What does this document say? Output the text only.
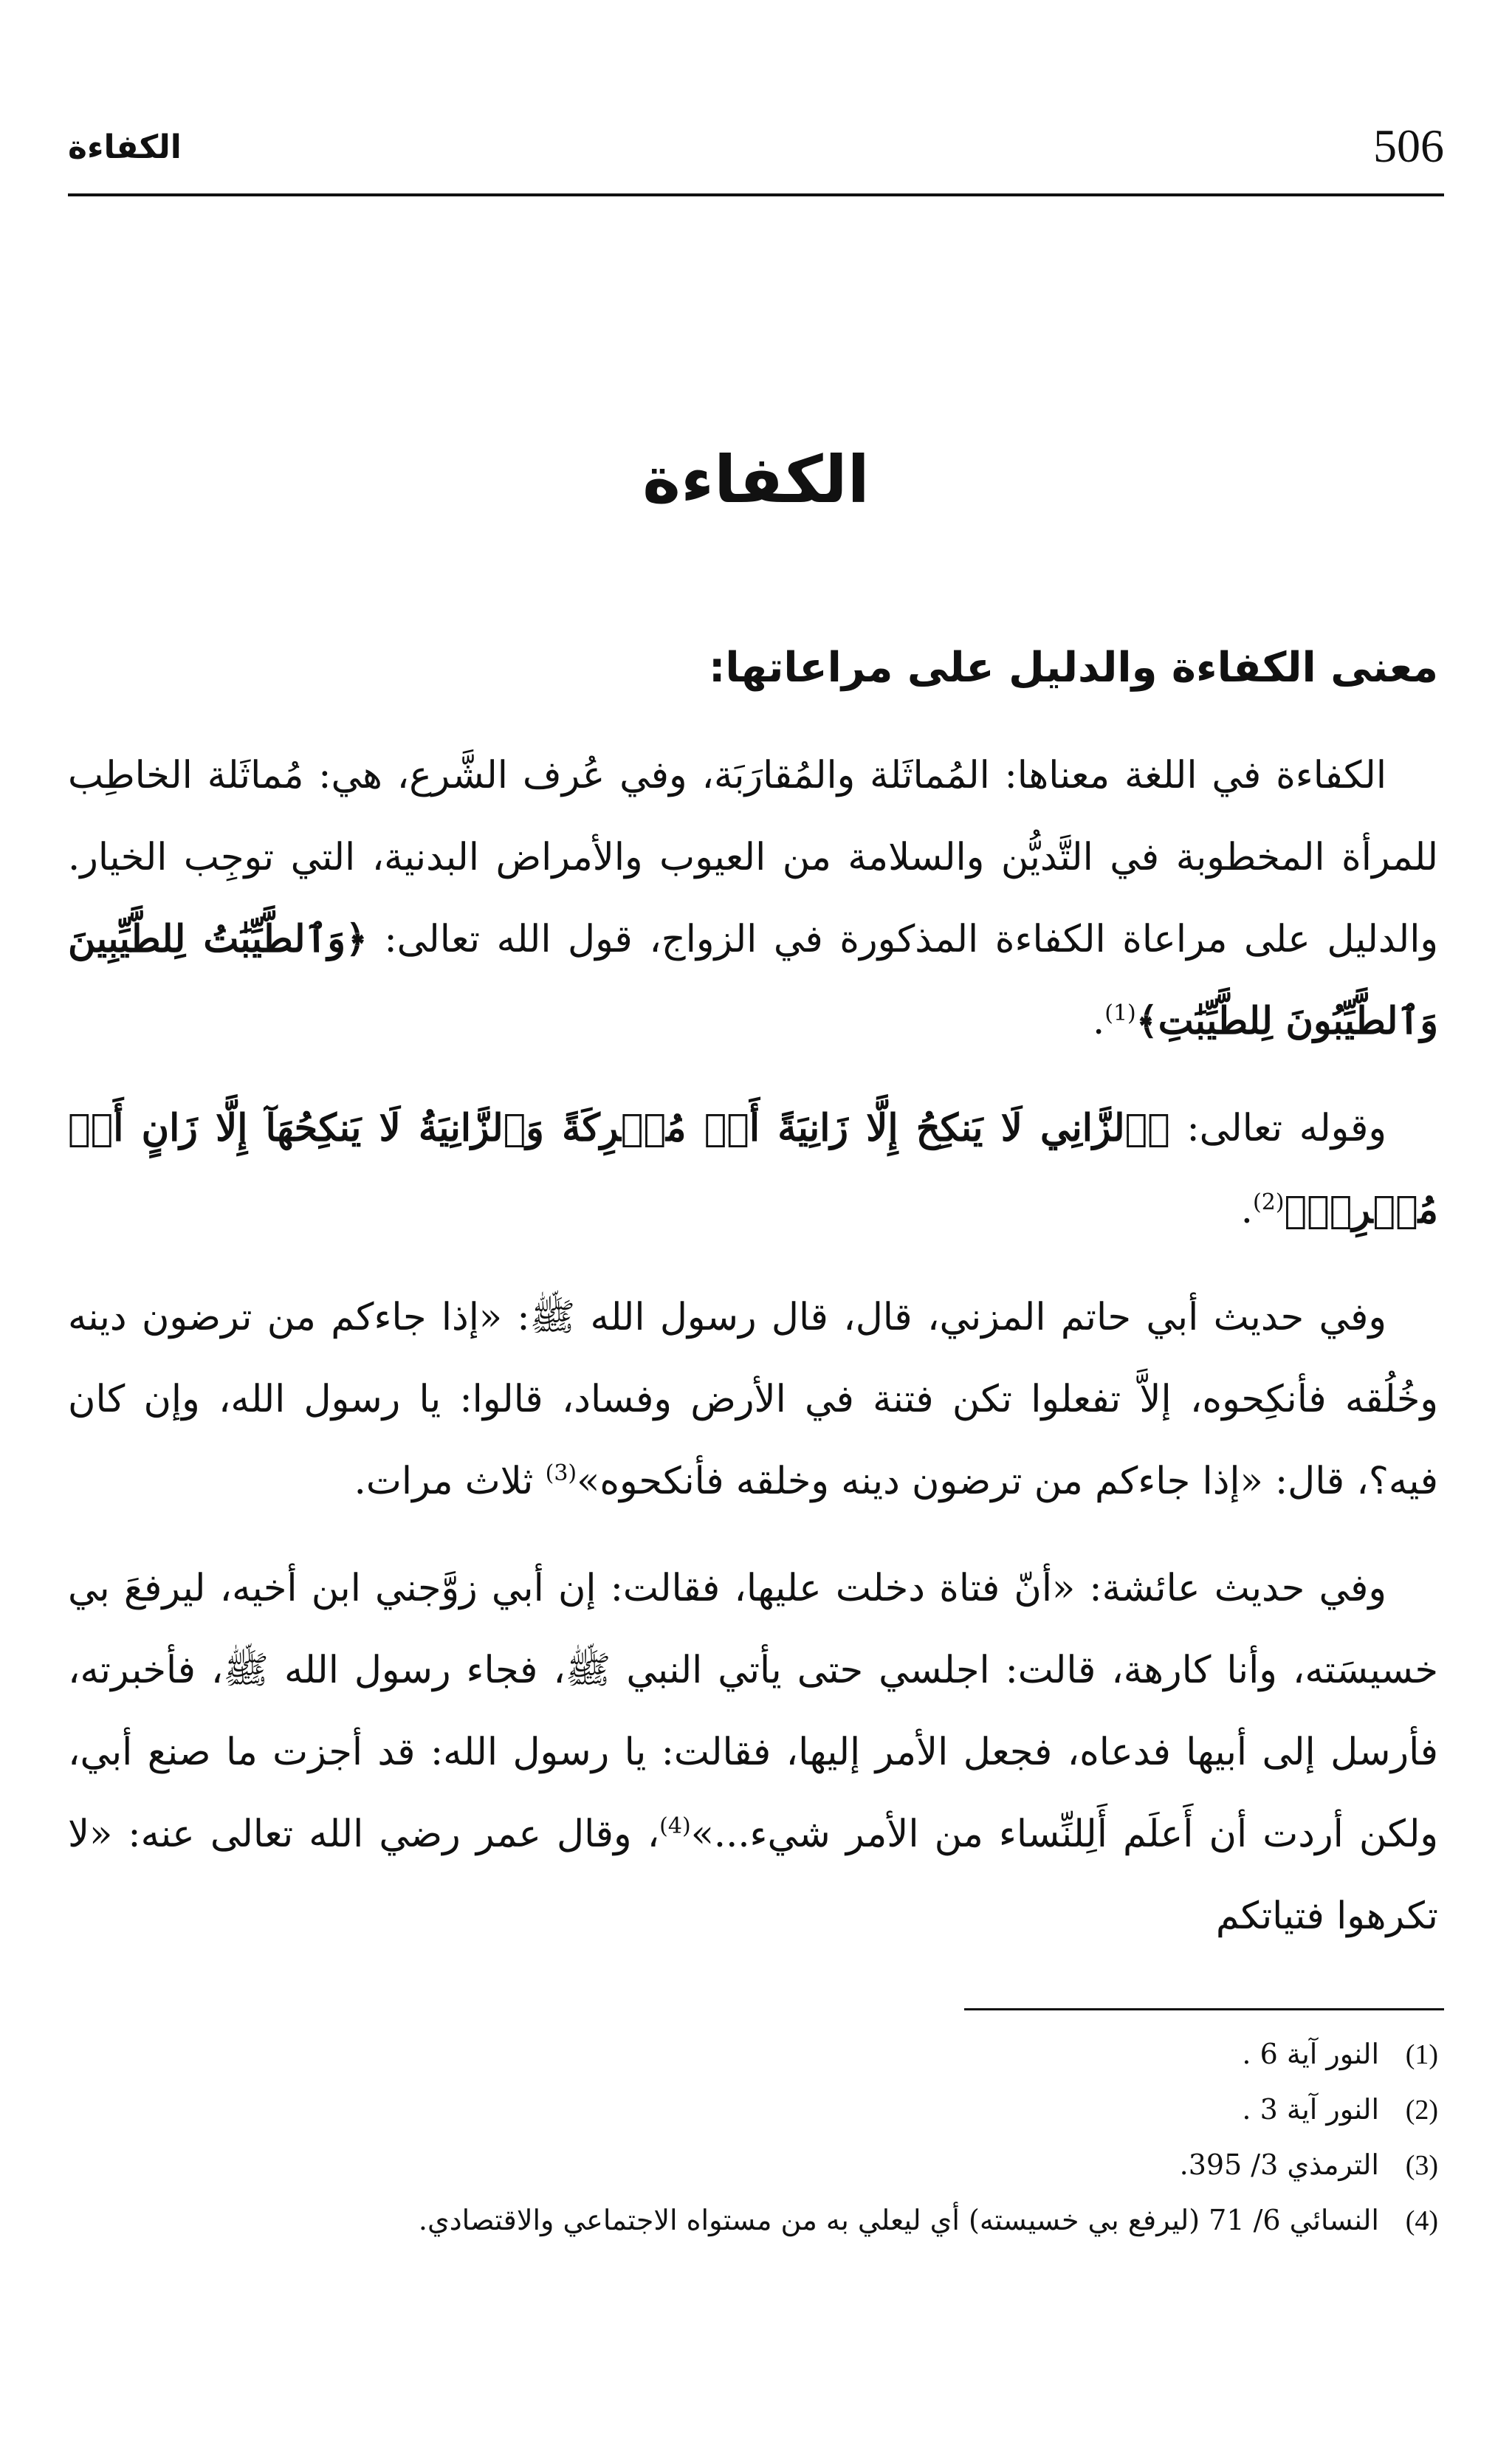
506
الكفاءة
الكفاءة
معنى الكفاءة والدليل على مراعاتها:

الكفاءة في اللغة معناها: المُماثَلة والمُقارَبَة، وفي عُرف الشَّرع، هي: مُماثَلة الخاطِب للمرأة المخطوبة في التَّديُّن والسلامة من العيوب والأمراض البدنية، التي توجِب الخيار. والدليل على مراعاة الكفاءة المذكورة في الزواج، قول الله تعالى: ﴿وَٱلطَّيِّبَٰتُ لِلطَّيِّبِينَ وَٱلطَّيِّبُونَ لِلطَّيِّبَٰتِ﴾$^{(1)}$.

وقوله تعالى: ﴿ٱلزَّانِي لَا يَنكِحُ إِلَّا زَانِيَةً أَوۡ مُشۡرِكَةً وَٱلزَّانِيَةُ لَا يَنكِحُهَآ إِلَّا زَانٍ أَوۡ مُشۡرِكٞ﴾$^{(2)}$.

وفي حديث أبي حاتم المزني، قال، قال رسول الله ﷺ: «إذا جاءكم من ترضون دينه وخُلُقه فأنكِحوه، إلاَّ تفعلوا تكن فتنة في الأرض وفساد، قالوا: يا رسول الله، وإن كان فيه؟، قال: «إذا جاءكم من ترضون دينه وخلقه فأنكحوه»$^{(3)}$ ثلاث مرات.

وفي حديث عائشة: «أنّ فتاة دخلت عليها، فقالت: إن أبي زوَّجني ابن أخيه، ليرفعَ بي خسيسَته، وأنا كارهة، قالت: اجلسي حتى يأتي النبي ﷺ، فجاء رسول الله ﷺ، فأخبرته، فأرسل إلى أبيها فدعاه، فجعل الأمر إليها، فقالت: يا رسول الله: قد أجزت ما صنع أبي، ولكن أردت أن أَعلَم أَلِلنِّساء من الأمر شيء...»$^{(4)}$، وقال عمر رضي الله تعالى عنه: «لا تكرهوا فتياتكم

(1)
النور آية 6 .
(2)
النور آية 3 .
(3)
الترمذي 3/ 395.
(4)
النسائي 6/ 71 (ليرفع بي خسيسته) أي ليعلي به من مستواه الاجتماعي والاقتصادي.
